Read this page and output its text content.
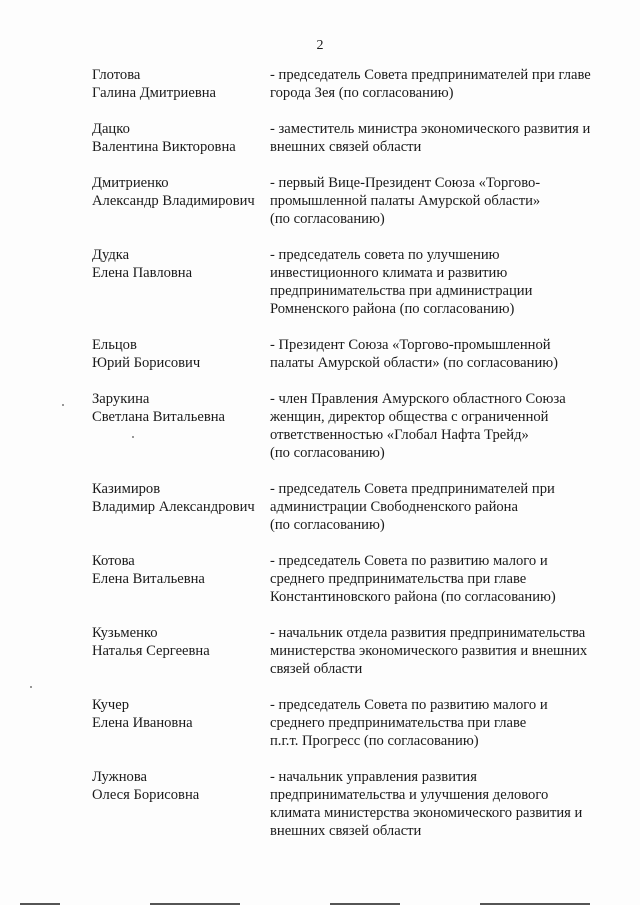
2
Глотова
Галина Дмитриевна
- председатель Совета предпринимателей при главе
города Зея (по согласованию)
Дацко
Валентина Викторовна
- заместитель министра экономического развития и
внешних связей области
Дмитриенко
Александр Владимирович
- первый Вице-Президент Союза «Торгово-
промышленной палаты Амурской области»
(по согласованию)
Дудка
Елена Павловна
- председатель совета по улучшению
инвестиционного климата и развитию
предпринимательства при администрации
Ромненского района (по согласованию)
Ельцов
Юрий Борисович
- Президент Союза «Торгово-промышленной
палаты Амурской области» (по согласованию)
Зарукина
Светлана Витальевна
- член Правления Амурского областного Союза
женщин, директор общества с ограниченной
ответственностью «Глобал Нафта Трейд»
(по согласованию)
Казимиров
Владимир Александрович
- председатель Совета предпринимателей при
администрации Свободненского района
(по согласованию)
Котова
Елена Витальевна
- председатель Совета по развитию малого и
среднего предпринимательства при главе
Константиновского района (по согласованию)
Кузьменко
Наталья Сергеевна
- начальник отдела развития предпринимательства
министерства экономического развития и внешних
связей области
Кучер
Елена Ивановна
- председатель Совета по развитию малого и
среднего предпринимательства при главе
п.г.т. Прогресс (по согласованию)
Лужнова
Олеся Борисовна
- начальник управления развития
предпринимательства и улучшения делового
климата министерства экономического развития и
внешних связей области
